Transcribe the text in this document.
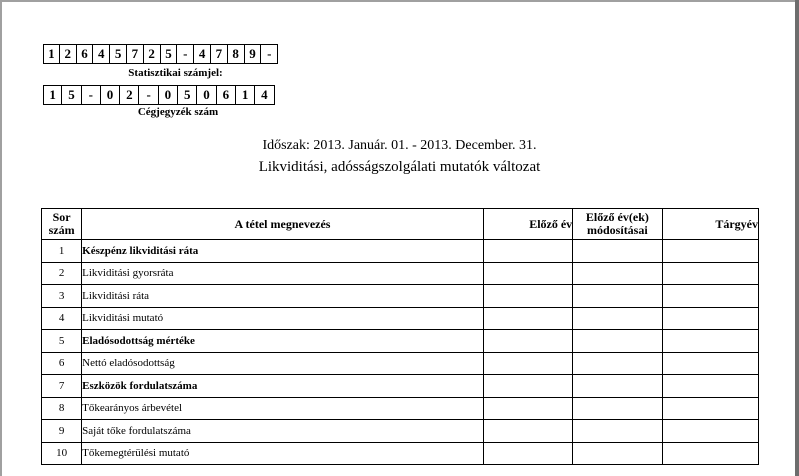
1 2 6 4 5 7 2 5 - 4 7 8 9 -
Statisztikai számjel:
1 5	-	0 2	-	0 5 0 6 1 4
Cégjegyzék szám
Időszak: 2013. Január. 01. - 2013. December. 31.
Likviditási, adósságszolgálati mutatók változat
Sor szám	A tétel megnevezés	Előző év	Előző év(ek) módosításai	Tárgyév
1	Készpénz likviditási ráta			
2	Likviditási gyorsráta			
3	Likviditási ráta			
4	Likviditási mutató			
5	Eladósodottság mértéke			
6	Nettó eladósodottság			
7	Eszközök fordulatszáma			
8	Tőkearányos árbevétel			
9	Saját tőke fordulatszáma			
10	Tőkemegtérülési mutató			
